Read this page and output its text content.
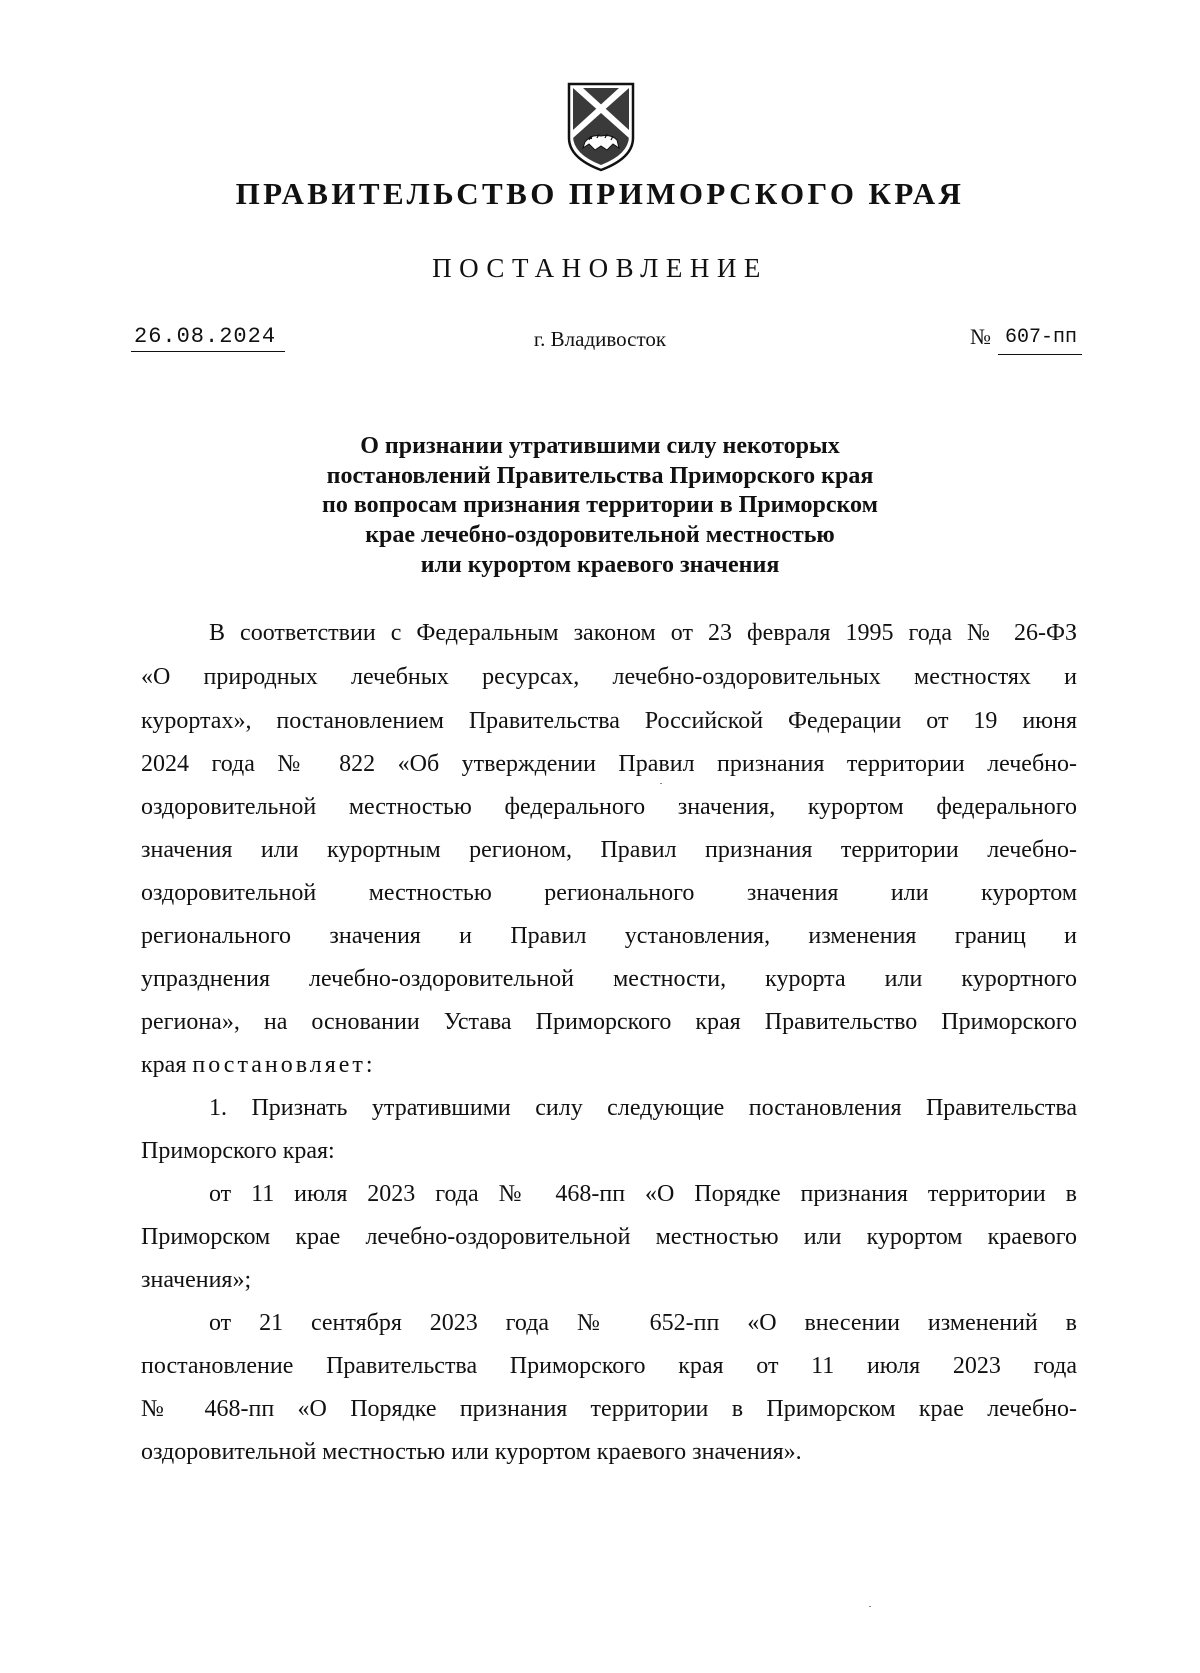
ПРАВИТЕЛЬСТВО ПРИМОРСКОГО КРАЯ
ПОСТАНОВЛЕНИЕ
26.08.2024	г. Владивосток	№ 607-пп
О признании утратившими силу некоторых
постановлений Правительства Приморского края
по вопросам признания территории в Приморском
крае лечебно-оздоровительной местностью
или курортом краевого значения
В соответствии с Федеральным законом от 23 февраля 1995 года № 26-ФЗ
«О природных лечебных ресурсах, лечебно-оздоровительных местностях и
курортах», постановлением Правительства Российской Федерации от 19 июня
2024 года № 822 «Об утверждении Правил признания территории лечебно-
оздоровительной местностью федерального значения, курортом федерального
значения или курортным регионом, Правил признания территории лечебно-
оздоровительной местностью регионального значения или курортом
регионального значения и Правил установления, изменения границ и
упразднения лечебно-оздоровительной местности, курорта или курортного
региона», на основании Устава Приморского края Правительство Приморского
края постановляет:
1. Признать утратившими силу следующие постановления Правительства
Приморского края:
от 11 июля 2023 года № 468-пп «О Порядке признания территории в
Приморском крае лечебно-оздоровительной местностью или курортом краевого
значения»;
от 21 сентября 2023 года № 652-пп «О внесении изменений в
постановление Правительства Приморского края от 11 июля 2023 года
№ 468-пп «О Порядке признания территории в Приморском крае лечебно-
оздоровительной местностью или курортом краевого значения».
